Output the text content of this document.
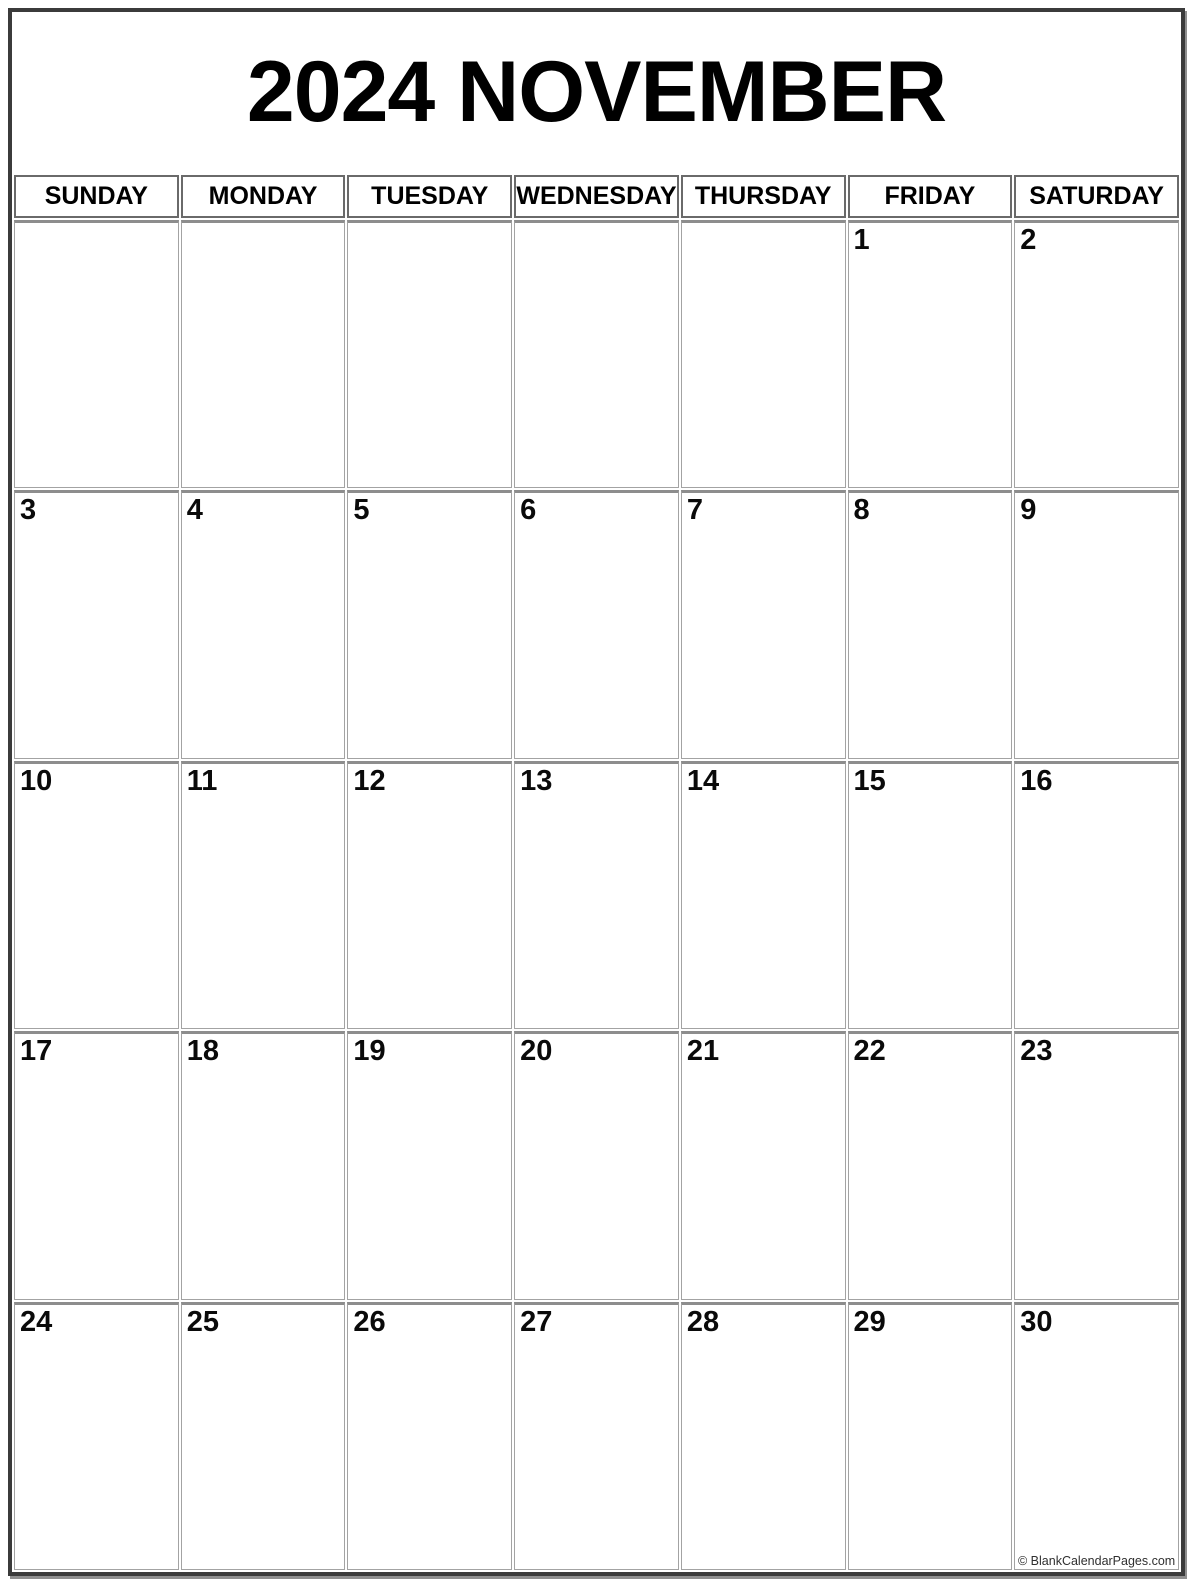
2024 NOVEMBER
SUNDAY	MONDAY	TUESDAY	WEDNESDAY	THURSDAY	FRIDAY	SATURDAY

					1	2

3	4	5	6	7	8	9

10	11	12	13	14	15	16

17	18	19	20	21	22	23

24	25	26	27	28	29	30
© BlankCalendarPages.com
